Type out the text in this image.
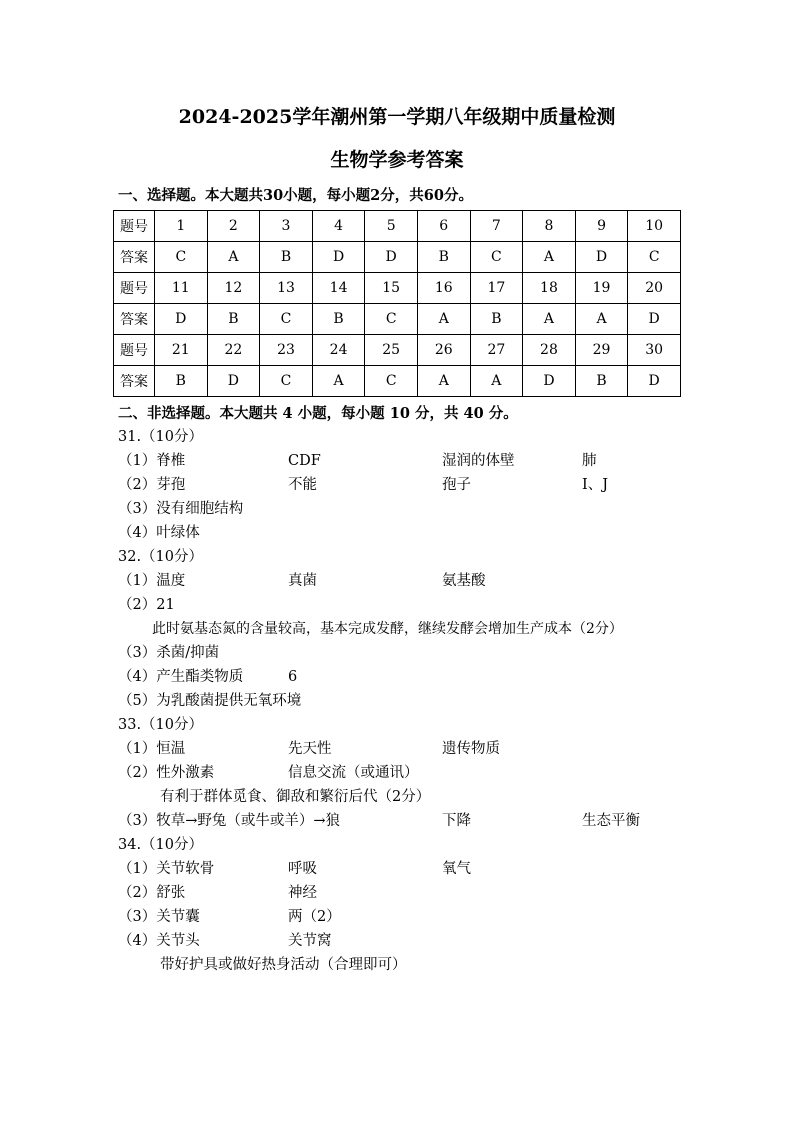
2024-2025学年潮州第一学期八年级期中质量检测
生物学参考答案
一、选择题。本大题共30小题，每小题2分，共60分。
题号	1	2	3	4	5	6	7	8	9	10
答案	C	A	B	D	D	B	C	A	D	C
题号	11	12	13	14	15	16	17	18	19	20
答案	D	B	C	B	C	A	B	A	A	D
题号	21	22	23	24	25	26	27	28	29	30
答案	B	D	C	A	C	A	A	D	B	D
二、非选择题。本大题共 4 小题，每小题 10 分，共 40 分。
31.（10分）
（1）脊椎	CDF	湿润的体壁	肺
（2）芽孢	不能	孢子	I、J
（3）没有细胞结构
（4）叶绿体
32.（10分）
（1）温度	真菌	氨基酸
（2）21
此时氨基态氮的含量较高，基本完成发酵，继续发酵会增加生产成本（2分）
（3）杀菌/抑菌
（4）产生酯类物质	6
（5）为乳酸菌提供无氧环境
33.（10分）
（1）恒温	先天性	遗传物质
（2）性外激素	信息交流（或通讯）
有利于群体觅食、御敌和繁衍后代（2分）
（3）牧草→野兔（或牛或羊）→狼	下降	生态平衡
34.（10分）
（1）关节软骨	呼吸	氧气
（2）舒张	神经
（3）关节囊	两（2）
（4）关节头	关节窝
带好护具或做好热身活动（合理即可）
